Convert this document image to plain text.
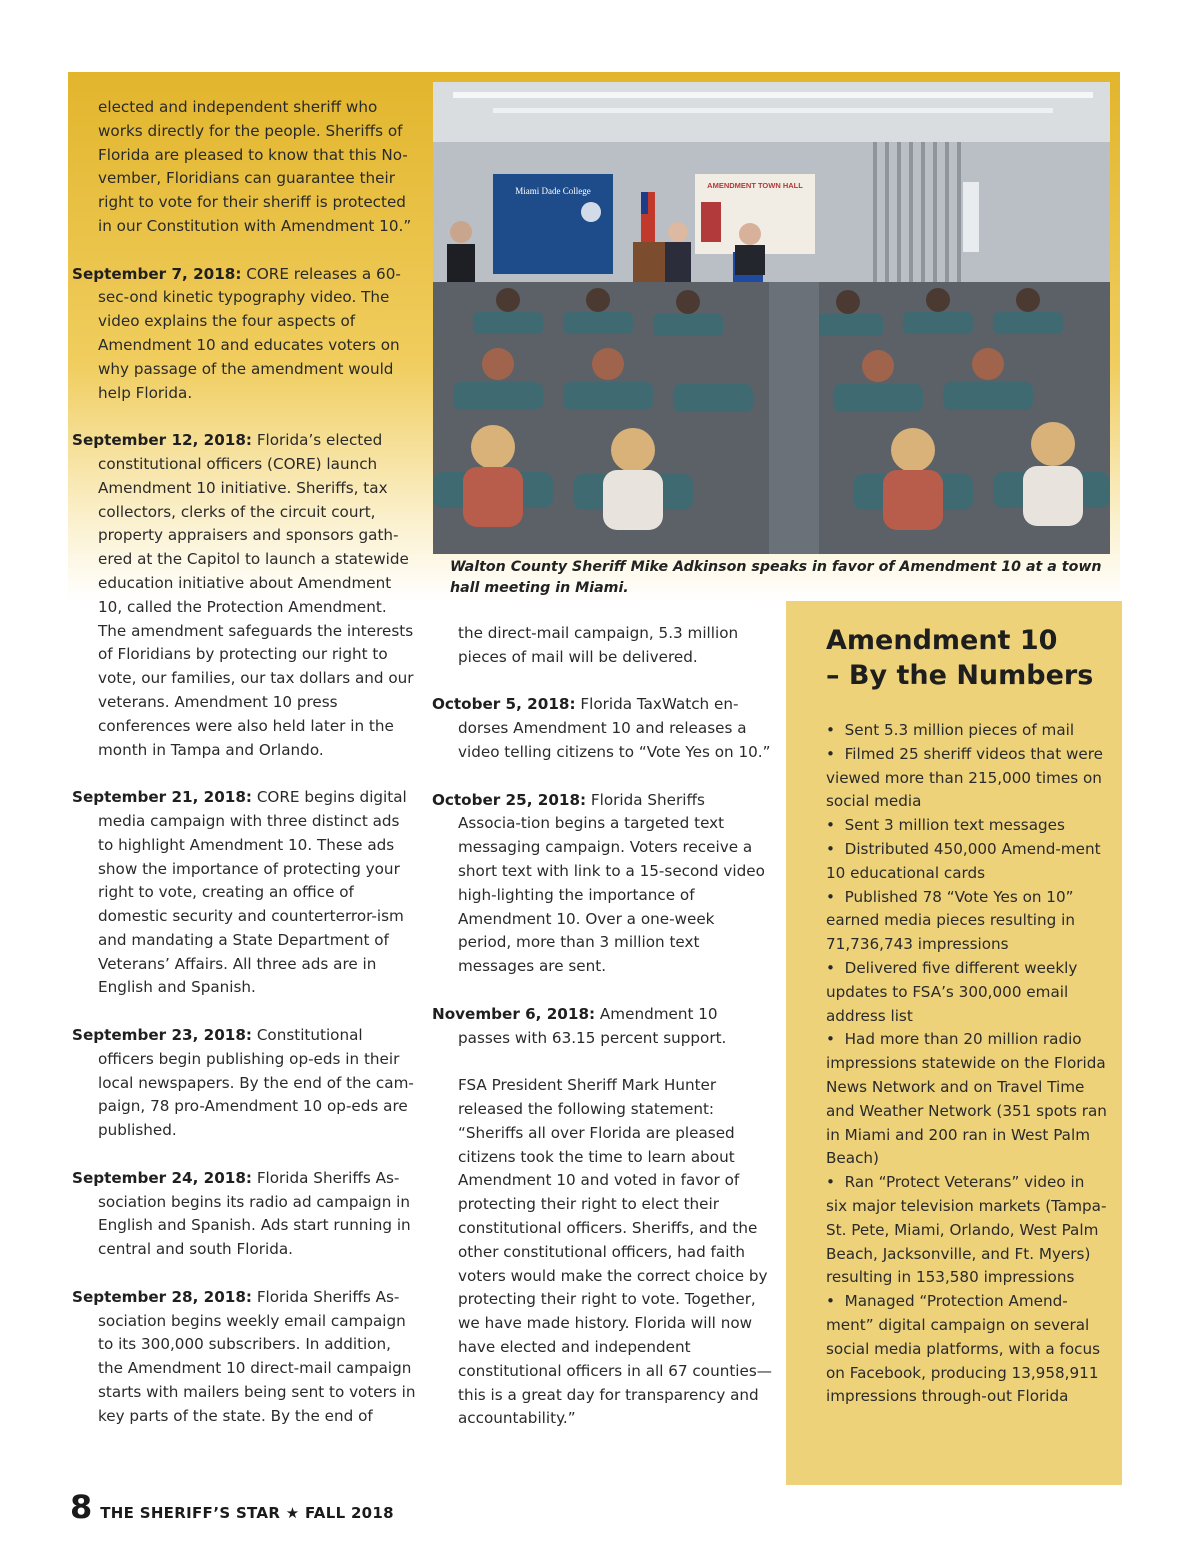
elected and independent sheriff who works directly for the people. Sheriffs of Florida are pleased to know that this No-vember, Floridians can guarantee their right to vote for their sheriff is protected in our Constitution with Amendment 10.”

September 7, 2018: CORE releases a 60-sec-ond kinetic typography video. The video explains the four aspects of Amendment 10 and educates voters on why passage of the amendment would help Florida.

September 12, 2018: Florida’s elected constitutional officers (CORE) launch Amendment 10 initiative. Sheriffs, tax collectors, clerks of the circuit court, property appraisers and sponsors gath-ered at the Capitol to launch a statewide education initiative about Amendment 10, called the Protection Amendment. The amendment safeguards the interests of Floridians by protecting our right to vote, our families, our tax dollars and our veterans. Amendment 10 press conferences were also held later in the month in Tampa and Orlando.

September 21, 2018: CORE begins digital media campaign with three distinct ads to highlight Amendment 10. These ads show the importance of protecting your right to vote, creating an office of domestic security and counterterror-ism and mandating a State Department of Veterans’ Affairs. All three ads are in English and Spanish.

September 23, 2018: Constitutional officers begin publishing op-eds in their local newspapers. By the end of the cam-paign, 78 pro-Amendment 10 op-eds are published.

September 24, 2018: Florida Sheriffs As-sociation begins its radio ad campaign in English and Spanish. Ads start running in central and south Florida.

September 28, 2018: Florida Sheriffs As-sociation begins weekly email campaign to its 300,000 subscribers. In addition, the Amendment 10 direct-mail campaign starts with mailers being sent to voters in key parts of the state. By the end of

Miami Dade College
AMENDMENT TOWN HALL
Walton County Sheriff Mike Adkinson speaks in favor of Amendment 10 at a town hall meeting in Miami.

the direct-mail campaign, 5.3 million pieces of mail will be delivered.

October 5, 2018: Florida TaxWatch en-dorses Amendment 10 and releases a video telling citizens to “Vote Yes on 10.”

October 25, 2018: Florida Sheriffs Associa-tion begins a targeted text messaging campaign. Voters receive a short text with link to a 15-second video high-lighting the importance of Amendment 10. Over a one-week period, more than 3 million text messages are sent.

November 6, 2018: Amendment 10 passes with 63.15 percent support.

FSA President Sheriff Mark Hunter released the following statement: “Sheriffs all over Florida are pleased citizens took the time to learn about Amendment 10 and voted in favor of protecting their right to elect their constitutional officers. Sheriffs, and the other constitutional officers, had faith voters would make the correct choice by protecting their right to vote. Together, we have made history. Florida will now have elected and independent constitutional officers in all 67 counties—this is a great day for transparency and accountability.”

Amendment 10
– By the Numbers
• Sent 5.3 million pieces of mail
• Filmed 25 sheriff videos that were viewed more than 215,000 times on social media
• Sent 3 million text messages
• Distributed 450,000 Amend-ment 10 educational cards
• Published 78 “Vote Yes on 10” earned media pieces resulting in 71,736,743 impressions
• Delivered five different weekly updates to FSA’s 300,000 email address list
• Had more than 20 million radio impressions statewide on the Florida News Network and on Travel Time and Weather Network (351 spots ran in Miami and 200 ran in West Palm Beach)
• Ran “Protect Veterans” video in six major television markets (Tampa-St. Pete, Miami, Orlando, West Palm Beach, Jacksonville, and Ft. Myers) resulting in 153,580 impressions
• Managed “Protection Amend-ment” digital campaign on several social media platforms, with a focus on Facebook, producing 13,958,911 impressions through-out Florida
8 THE SHERIFF’S STAR ★ FALL 2018
